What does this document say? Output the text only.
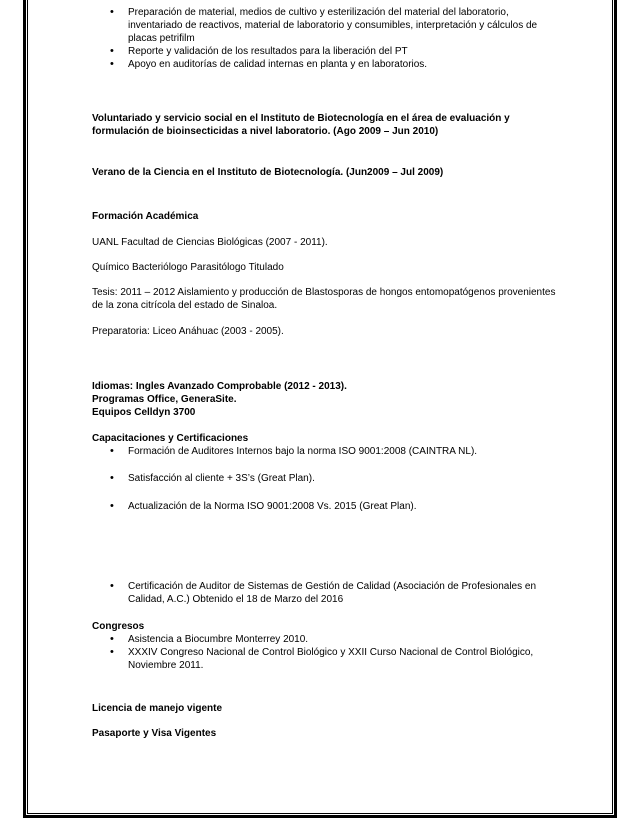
• Preparación de material, medios de cultivo y esterilización del material del laboratorio, inventariado de reactivos, material de laboratorio y consumibles, interpretación y cálculos de placas petrifilm
• Reporte y validación de los resultados para la liberación del PT
• Apoyo en auditorías de calidad internas en planta y en laboratorios.
Voluntariado y servicio social en el Instituto de Biotecnología en el área de evaluación y formulación de bioinsecticidas a nivel laboratorio. (Ago 2009 – Jun 2010)
Verano de la Ciencia en el Instituto de Biotecnología. (Jun2009 – Jul 2009)
Formación Académica
UANL Facultad de Ciencias Biológicas (2007 - 2011).
Químico Bacteriólogo Parasitólogo Titulado
Tesis: 2011 – 2012 Aislamiento y producción de Blastosporas de hongos entomopatógenos provenientes de la zona citrícola del estado de Sinaloa.
Preparatoria: Liceo Anáhuac (2003 - 2005).
Idiomas: Ingles Avanzado Comprobable (2012 - 2013).
Programas Office, GeneraSite.
Equipos Celldyn 3700
Capacitaciones y Certificaciones
• Formación de Auditores Internos bajo la norma ISO 9001:2008 (CAINTRA NL).
• Satisfacción al cliente + 3S’s (Great Plan).
• Actualización de la Norma ISO 9001:2008 Vs. 2015 (Great Plan).
• Certificación de Auditor de Sistemas de Gestión de Calidad (Asociación de Profesionales en Calidad, A.C.) Obtenido el 18 de Marzo del 2016
Congresos
• Asistencia a Biocumbre Monterrey 2010.
• XXXIV Congreso Nacional de Control Biológico y XXII Curso Nacional de Control Biológico, Noviembre 2011.
Licencia de manejo vigente
Pasaporte y Visa Vigentes
